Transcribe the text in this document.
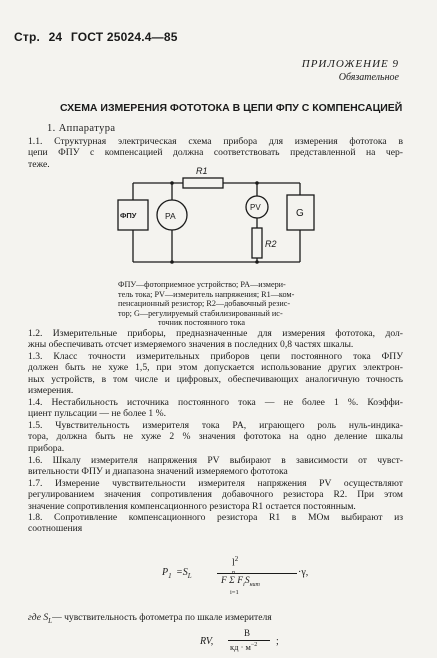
Стр. 24 ГОСТ 25024.4—85
ПРИЛОЖЕНИЕ 9
Обязательное
СХЕМА ИЗМЕРЕНИЯ ФОТОТОКА В ЦЕПИ ФПУ С КОМПЕНСАЦИЕЙ
1. Аппаратура
1.1. Структурная электрическая схема прибора для измерения фототока в
цепи ФПУ с компенсацией должна соответствовать представленной на чер-
теже.
R1
ФПУ	PA
PV
R2
G
ФПУ—фотоприемное устройство; PA—измери-
тель тока; PV—измеритель напряжения; R1—ком-
пенсационный резистор; R2—добавочный резис-
тор; G—регулируемый стабилизированный ис-
точник постоянного тока
1.2. Измерительные приборы, предназначенные для измерения фототока, дол-
жны обеспечивать отсчет измеряемого значения в последних 0,8 частях шкалы.
1.3. Класс точности измерительных приборов цепи постоянного тока ФПУ
должен быть не хуже 1,5, при этом допускается использование других электрон-
ных устройств, в том числе и цифровых, обеспечивающих аналогичную точность
измерения.
1.4. Нестабильность источника постоянного тока — не более 1 %. Коэффи-
циент пульсации — не более 1 %.
1.5. Чувствительность измерителя тока PA, играющего роль нуль-индика-
тора, должна быть не хуже 2 % значения фототока на одно деление шкалы
прибора.
1.6. Шкалу измерителя напряжения PV выбирают в зависимости от чувст-
вительности ФПУ и диапазона значений измеряемого фототока
1.7. Измерение чувствительности измерителя напряжения PV осуществляют
регулированием значения сопротивления добавочного резистора R2. При этом
значение сопротивления компенсационного резистора R1 остается постоянным.
1.8. Сопротивление компенсационного резистора R1 в МОм выбирают из
соотношения
$P_1 =S_L$
$l^2$
n
F Σ $F_iS_{нит}$
i=1
·γ,
где $S_L—$ чувствительность фотометра по шкале измерителя
RV,
В
кд · $м^{-2}$ ;
